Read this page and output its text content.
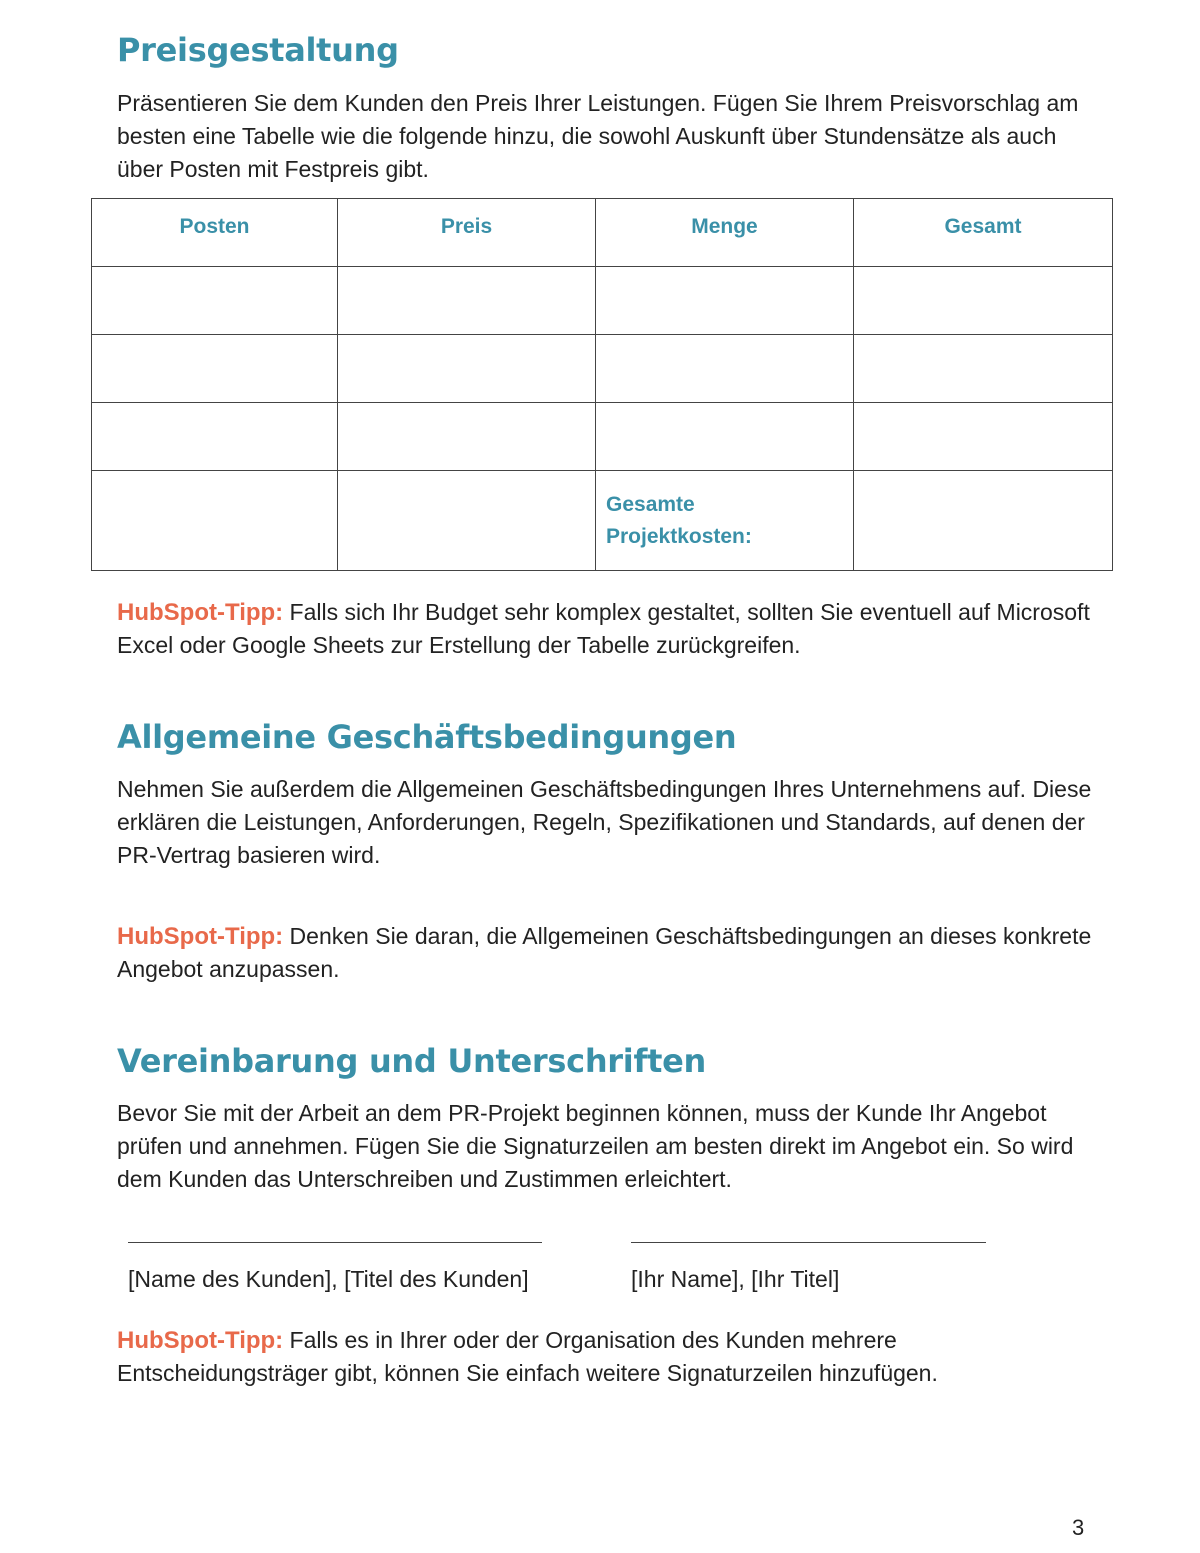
Preisgestaltung

Präsentieren Sie dem Kunden den Preis Ihrer Leistungen. Fügen Sie Ihrem Preisvorschlag am besten eine Tabelle wie die folgende hinzu, die sowohl Auskunft über Stundensätze als auch über Posten mit Festpreis gibt.

Posten	Preis	Menge	Gesamt

		Gesamte
Projektkosten:	

HubSpot-Tipp: Falls sich Ihr Budget sehr komplex gestaltet, sollten Sie eventuell auf Microsoft Excel oder Google Sheets zur Erstellung der Tabelle zurückgreifen.

Allgemeine Geschäftsbedingungen

Nehmen Sie außerdem die Allgemeinen Geschäftsbedingungen Ihres Unternehmens auf. Diese erklären die Leistungen, Anforderungen, Regeln, Spezifikationen und Standards, auf denen der PR-Vertrag basieren wird.

HubSpot-Tipp: Denken Sie daran, die Allgemeinen Geschäftsbedingungen an dieses konkrete Angebot anzupassen.

Vereinbarung und Unterschriften

Bevor Sie mit der Arbeit an dem PR-Projekt beginnen können, muss der Kunde Ihr Angebot prüfen und annehmen. Fügen Sie die Signaturzeilen am besten direkt im Angebot ein. So wird dem Kunden das Unterschreiben und Zustimmen erleichtert.

[Name des Kunden], [Titel des Kunden]	[Ihr Name], [Ihr Titel]

HubSpot-Tipp: Falls es in Ihrer oder der Organisation des Kunden mehrere Entscheidungsträger gibt, können Sie einfach weitere Signaturzeilen hinzufügen.

3
